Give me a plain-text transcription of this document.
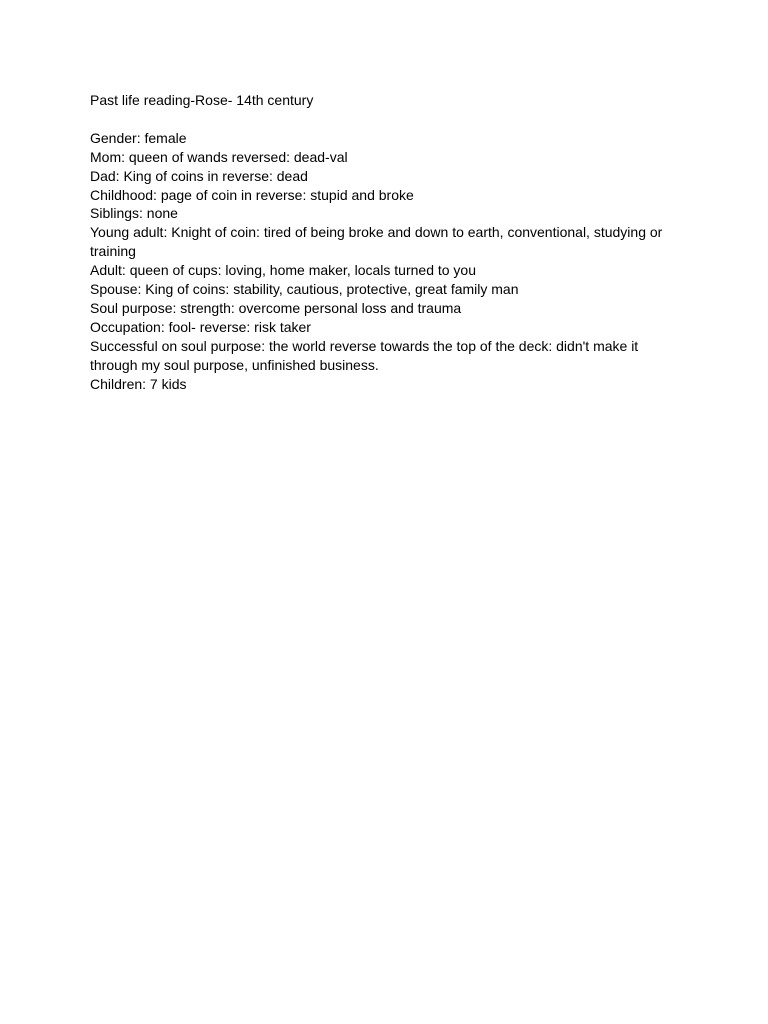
Past life reading-Rose- 14th century
Gender: female
Mom: queen of wands reversed: dead-val
Dad: King of coins in reverse: dead
Childhood: page of coin in reverse: stupid and broke
Siblings: none
Young adult: Knight of coin: tired of being broke and down to earth, conventional, studying or training
Adult: queen of cups: loving, home maker, locals turned to you
Spouse: King of coins: stability, cautious, protective, great family man
Soul purpose: strength: overcome personal loss and trauma
Occupation: fool- reverse: risk taker
Successful on soul purpose: the world reverse towards the top of the deck: didn't make it through my soul purpose, unfinished business.
Children: 7 kids
